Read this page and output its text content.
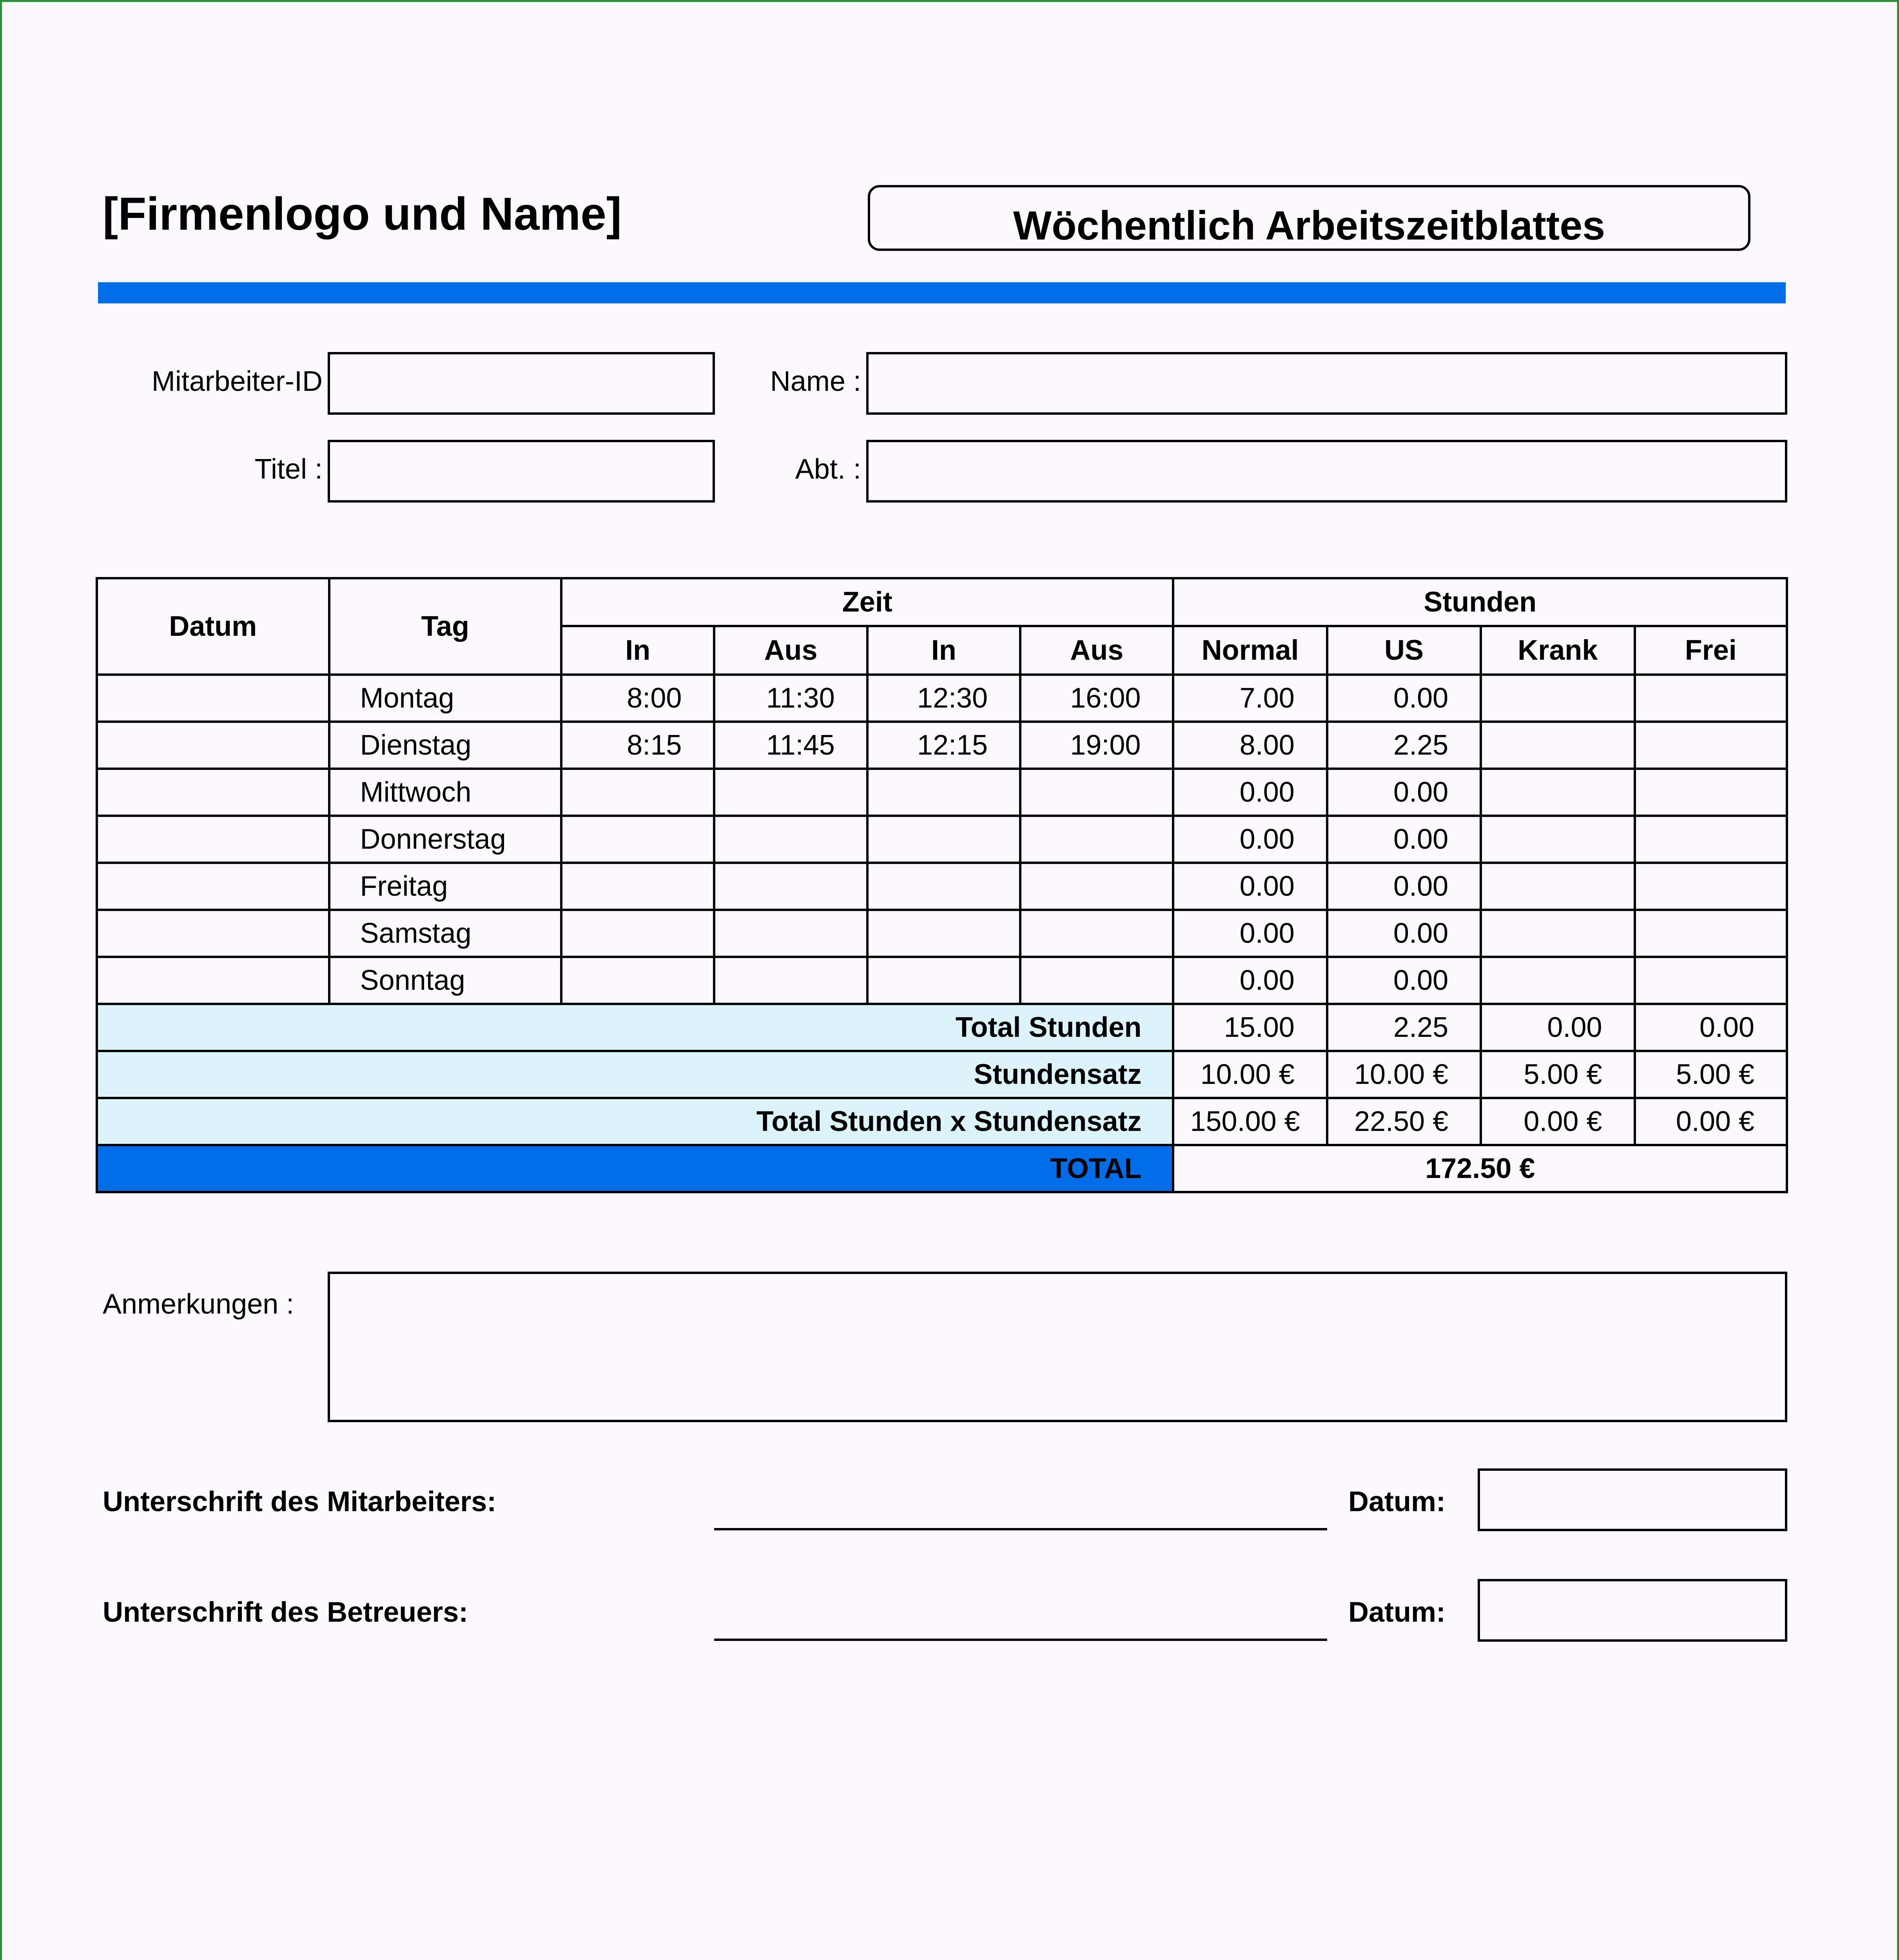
[Firmenlogo und Name]	Wöchentlich Arbeitszeitblattes
Mitarbeiter-ID	Name :
Titel :	Abt. :
Datum	Tag	Zeit				Stunden			
		In	Aus	In	Aus	Normal	US	Krank	Frei
	Montag	8:00	11:30	12:30	16:00	7.00	0.00		
	Dienstag	8:15	11:45	12:15	19:00	8.00	2.25		
	Mittwoch					0.00	0.00		
	Donnerstag					0.00	0.00		
	Freitag					0.00	0.00		
	Samstag					0.00	0.00		
	Sonntag					0.00	0.00		
Total Stunden						15.00	2.25	0.00	0.00
Stundensatz						10.00 €	10.00 €	5.00 €	5.00 €
Total Stunden x Stundensatz						150.00 €	22.50 €	0.00 €	0.00 €
TOTAL						172.50 €			
Anmerkungen :
Unterschrift des Mitarbeiters:	Datum:
Unterschrift des Betreuers:	Datum:
